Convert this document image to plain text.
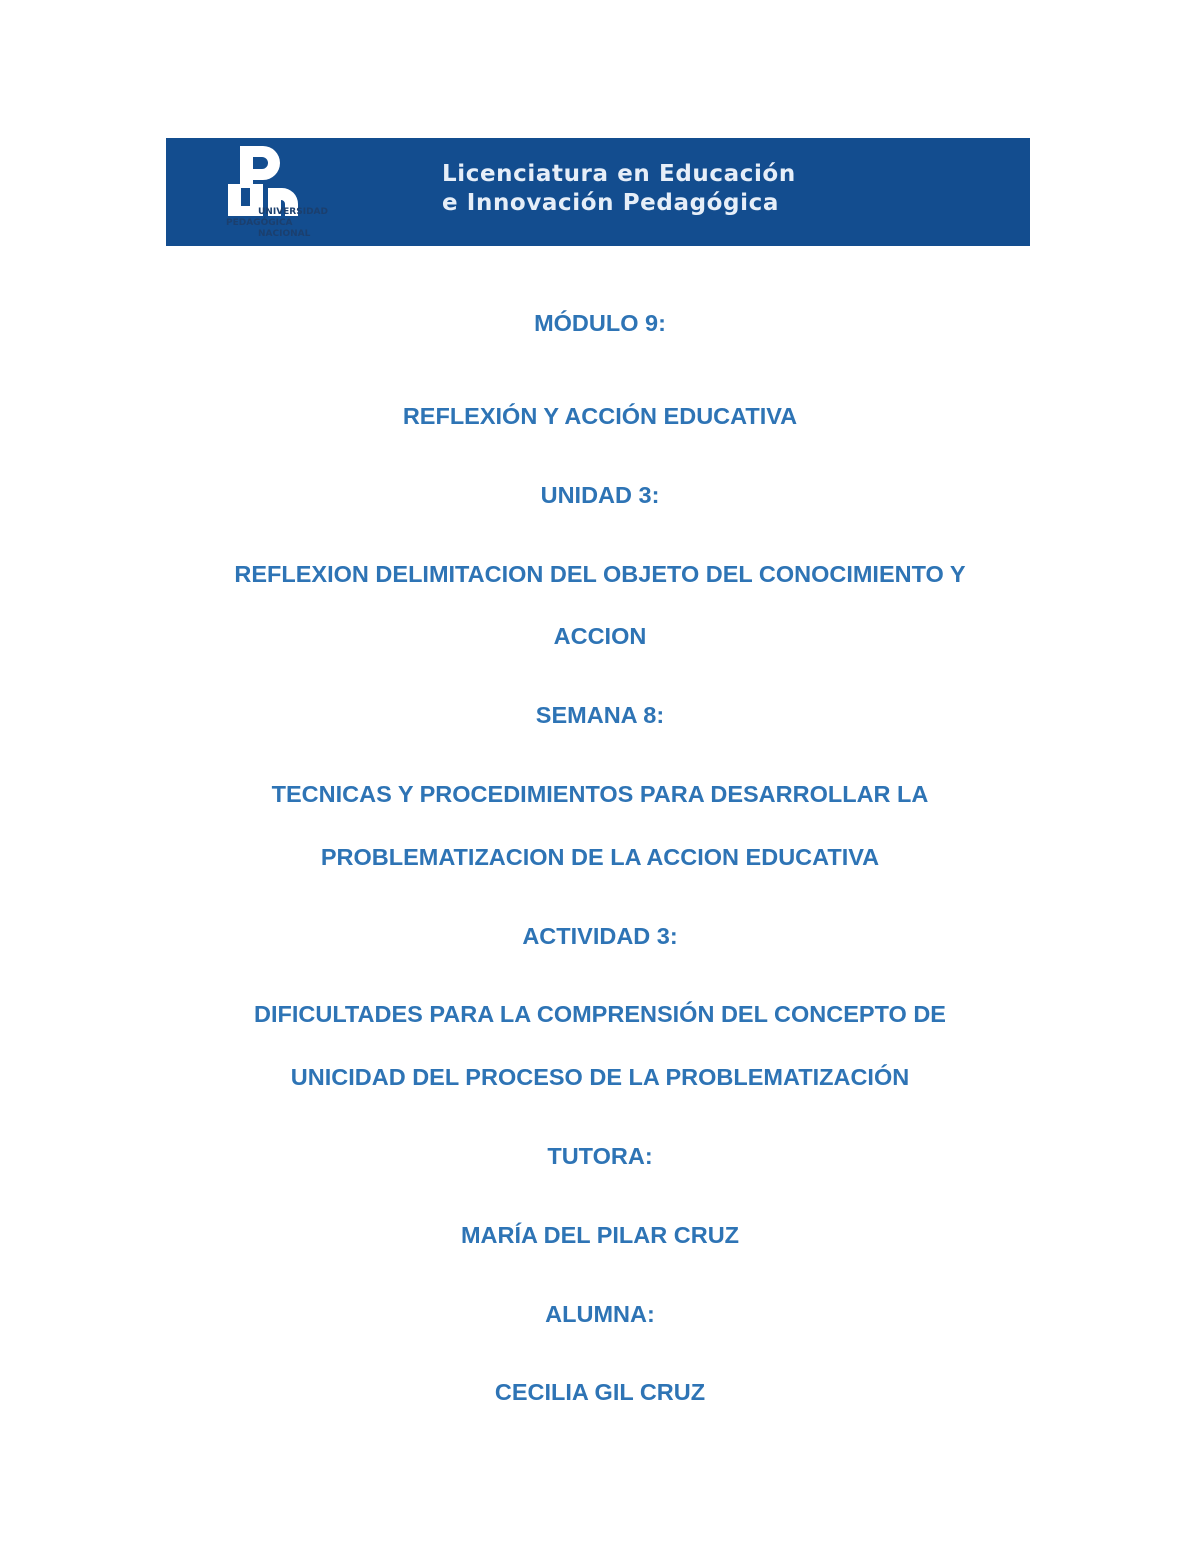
UNIVERSIDAD
PEDAGÓGICA
NACIONAL
Licenciatura en Educación
e Innovación Pedagógica
MÓDULO 9:
REFLEXIÓN Y ACCIÓN EDUCATIVA
UNIDAD 3:
REFLEXION DELIMITACION DEL OBJETO DEL CONOCIMIENTO Y
ACCION
SEMANA 8:
TECNICAS Y PROCEDIMIENTOS PARA DESARROLLAR LA
PROBLEMATIZACION DE LA ACCION EDUCATIVA
ACTIVIDAD 3:
DIFICULTADES PARA LA COMPRENSIÓN DEL CONCEPTO DE
UNICIDAD DEL PROCESO DE LA PROBLEMATIZACIÓN
TUTORA:
MARÍA DEL PILAR CRUZ
ALUMNA:
CECILIA GIL CRUZ
